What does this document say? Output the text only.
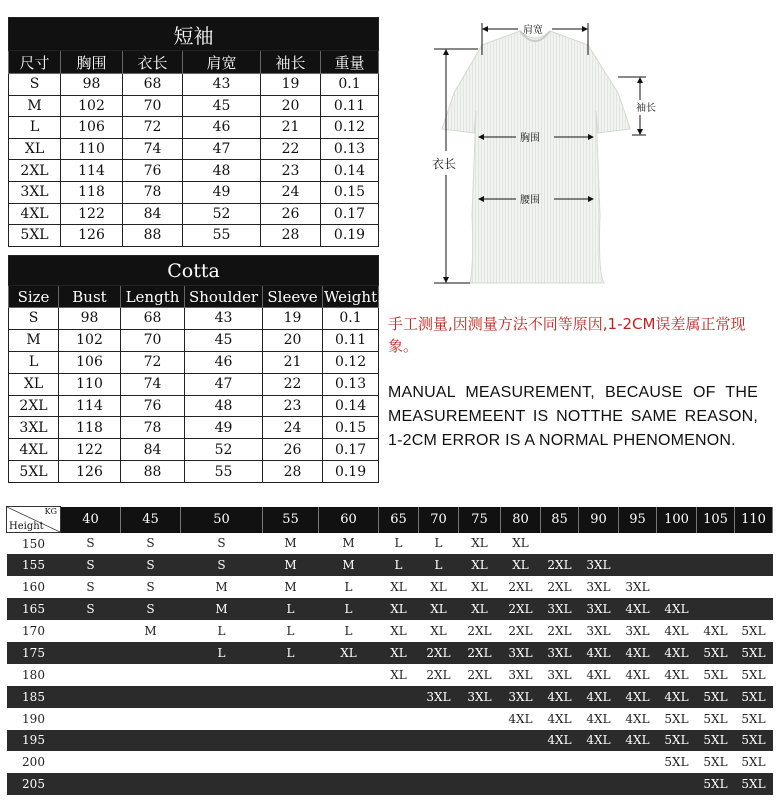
短袖					
尺寸	胸围	衣长	肩宽	袖长	重量
S	98	68	43	19	0.1
M	102	70	45	20	0.11
L	106	72	46	21	0.12
XL	110	74	47	22	0.13
2XL	114	76	48	23	0.14
3XL	118	78	49	24	0.15
4XL	122	84	52	26	0.17
5XL	126	88	55	28	0.19
Cotta					
Size	Bust	Length	Shoulder	Sleeve	Weight
S	98	68	43	19	0.1
M	102	70	45	20	0.11
L	106	72	46	21	0.12
XL	110	74	47	22	0.13
2XL	114	76	48	23	0.14
3XL	118	78	49	24	0.15
4XL	122	84	52	26	0.17
5XL	126	88	55	28	0.19
肩宽
袖长
胸围
腰围
衣长
手工测量,因测量方法不同等原因,1-2CM误差属正常现象。
MANUAL MEASUREMENT, BECAUSE OF THE MEASUREMEENT IS NOTTHE SAME REASON, 1-2CM ERROR IS A NORMAL PHENOMENON.
KG
Height	40	45	50	55	60	65	70	75	80	85	90	95	100	105	110
150	S	S	S	M	M	L	L	XL	XL						
155	S	S	S	M	M	L	L	XL	XL	2XL	3XL				
160	S	S	M	M	L	XL	XL	XL	2XL	2XL	3XL	3XL			
165	S	S	M	L	L	XL	XL	XL	2XL	3XL	3XL	4XL	4XL		
170		M	L	L	L	XL	XL	2XL	2XL	2XL	3XL	3XL	4XL	4XL	5XL
175			L	L	XL	XL	2XL	2XL	3XL	3XL	4XL	4XL	4XL	5XL	5XL
180						XL	2XL	2XL	3XL	3XL	4XL	4XL	4XL	5XL	5XL
185							3XL	3XL	3XL	4XL	4XL	4XL	4XL	5XL	5XL
190									4XL	4XL	4XL	4XL	5XL	5XL	5XL
195										4XL	4XL	4XL	5XL	5XL	5XL
200													5XL	5XL	5XL
205														5XL	5XL
